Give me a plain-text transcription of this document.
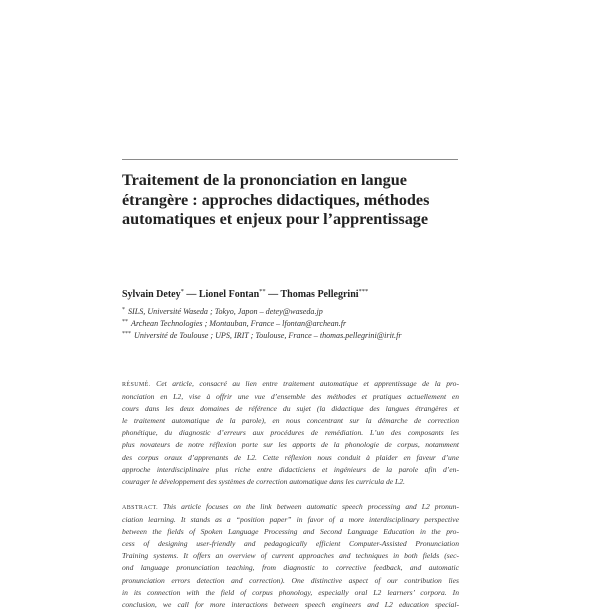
Traitement de la prononciation en langue
étrangère : approches didactiques, méthodes
automatiques et enjeux pour l’apprentissage
Sylvain Detey* — Lionel Fontan** — Thomas Pellegrini***
* SILS, Université Waseda ; Tokyo, Japon – detey@waseda.jp
** Archean Technologies ; Montauban, France – lfontan@archean.fr
*** Université de Toulouse ; UPS, IRIT ; Toulouse, France – thomas.pellegrini@irit.fr

RÉSUMÉ. Cet article, consacré au lien entre traitement automatique et apprentissage de la pro-
nonciation en L2, vise à offrir une vue d’ensemble des méthodes et pratiques actuellement en
cours dans les deux domaines de référence du sujet (la didactique des langues étrangères et
le traitement automatique de la parole), en nous concentrant sur la démarche de correction
phonétique, du diagnostic d’erreurs aux procédures de remédiation. L’un des composants les
plus novateurs de notre réflexion porte sur les apports de la phonologie de corpus, notamment
des corpus oraux d’apprenants de L2. Cette réflexion nous conduit à plaider en faveur d’une
approche interdisciplinaire plus riche entre didacticiens et ingénieurs de la parole afin d’en-
courager le développement des systèmes de correction automatique dans les curricula de L2.

ABSTRACT. This article focuses on the link between automatic speech processing and L2 pronun-
ciation learning. It stands as a “position paper” in favor of a more interdisciplinary perspective
between the fields of Spoken Language Processing and Second Language Education in the pro-
cess of designing user-friendly and pedagogically efficient Computer-Assisted Pronunciation
Training systems. It offers an overview of current approaches and techniques in both fields (sec-
ond language pronunciation teaching, from diagnostic to corrective feedback, and automatic
pronunciation errors detection and correction). One distinctive aspect of our contribution lies
in its connection with the field of corpus phonology, especially oral L2 learners’ corpora. In
conclusion, we call for more interactions between speech engineers and L2 education special-
